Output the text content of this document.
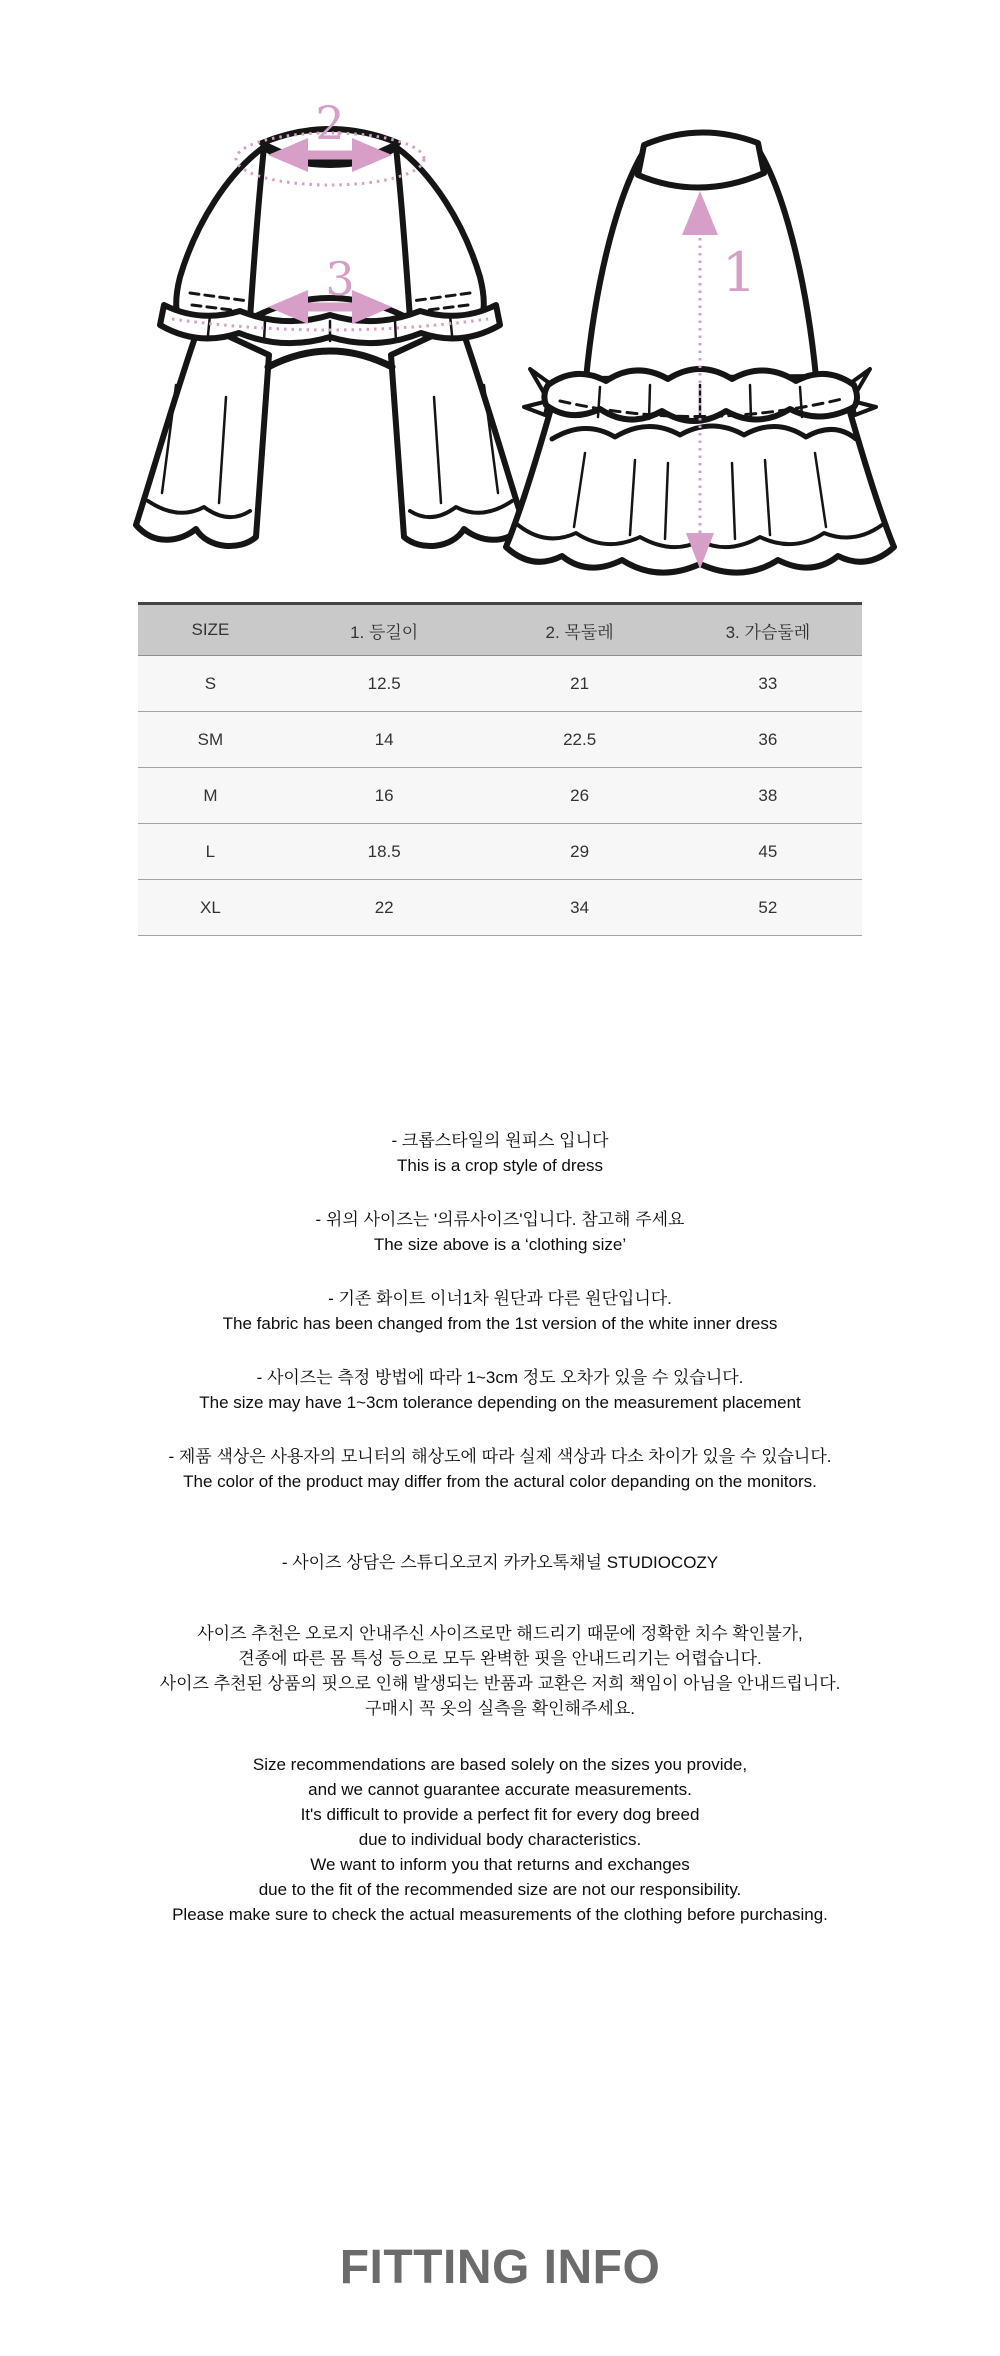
2
3	1
SIZE	1. 등길이	2. 목둘레	3. 가슴둘레
S	12.5	21	33
SM	14	22.5	36
M	16	26	38
L	18.5	29	45
XL	22	34	52
- 크롭스타일의 원피스 입니다
This is a crop style of dress
- 위의 사이즈는 '의류사이즈'입니다. 참고해 주세요
The size above is a ‘clothing size’
- 기존 화이트 이너1차 원단과 다른 원단입니다.
The fabric has been changed from the 1st version of the white inner dress
- 사이즈는 측정 방법에 따라 1~3cm 정도 오차가 있을 수 있습니다.
The size may have 1~3cm tolerance depending on the measurement placement
- 제품 색상은 사용자의 모니터의 해상도에 따라 실제 색상과 다소 차이가 있을 수 있습니다.
The color of the product may differ from the actural color depanding on the monitors.
- 사이즈 상담은 스튜디오코지 카카오톡채널 STUDIOCOZY
사이즈 추천은 오로지 안내주신 사이즈로만 해드리기 때문에 정확한 치수 확인불가,
견종에 따른 몸 특성 등으로 모두 완벽한 핏을 안내드리기는 어렵습니다.
사이즈 추천된 상품의 핏으로 인해 발생되는 반품과 교환은 저희 책임이 아님을 안내드립니다.
구매시 꼭 옷의 실측을 확인해주세요.
Size recommendations are based solely on the sizes you provide,
and we cannot guarantee accurate measurements.
It's difficult to provide a perfect fit for every dog breed
due to individual body characteristics.
We want to inform you that returns and exchanges
due to the fit of the recommended size are not our responsibility.
Please make sure to check the actual measurements of the clothing before purchasing.
FITTING INFO
